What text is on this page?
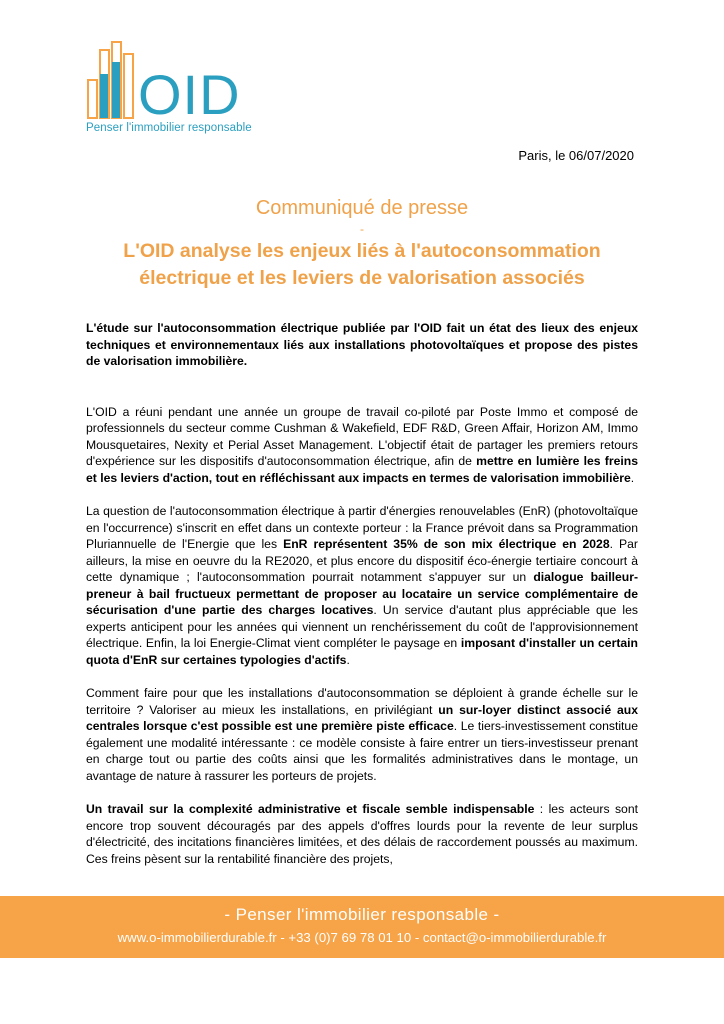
OID
Penser l'immobilier responsable
Paris, le 06/07/2020
Communiqué de presse
-
L'OID analyse les enjeux liés à l'autoconsommation
électrique et les leviers de valorisation associés

L'étude sur l'autoconsommation électrique publiée par l'OID fait un état des lieux des enjeux techniques et environnementaux liés aux installations photovoltaïques et propose des pistes de valorisation immobilière.

L'OID a réuni pendant une année un groupe de travail co-piloté par Poste Immo et composé de professionnels du secteur comme Cushman & Wakefield, EDF R&D, Green Affair, Horizon AM, Immo Mousquetaires, Nexity et Perial Asset Management. L'objectif était de partager les premiers retours d'expérience sur les dispositifs d'autoconsommation électrique, afin de mettre en lumière les freins et les leviers d'action, tout en réfléchissant aux impacts en termes de valorisation immobilière.

La question de l'autoconsommation électrique à partir d'énergies renouvelables (EnR) (photovoltaïque en l'occurrence) s'inscrit en effet dans un contexte porteur : la France prévoit dans sa Programmation Pluriannuelle de l'Energie que les EnR représentent 35% de son mix électrique en 2028. Par ailleurs, la mise en oeuvre du la RE2020, et plus encore du dispositif éco-énergie tertiaire concourt à cette dynamique ; l'autoconsommation pourrait notamment s'appuyer sur un dialogue bailleur-preneur à bail fructueux permettant de proposer au locataire un service complémentaire de sécurisation d'une partie des charges locatives. Un service d'autant plus appréciable que les experts anticipent pour les années qui viennent un renchérissement du coût de l'approvisionnement électrique. Enfin, la loi Energie-Climat vient compléter le paysage en imposant d'installer un certain quota d'EnR sur certaines typologies d'actifs.

Comment faire pour que les installations d'autoconsommation se déploient à grande échelle sur le territoire ? Valoriser au mieux les installations, en privilégiant un sur-loyer distinct associé aux centrales lorsque c'est possible est une première piste efficace. Le tiers-investissement constitue également une modalité intéressante : ce modèle consiste à faire entrer un tiers-investisseur prenant en charge tout ou partie des coûts ainsi que les formalités administratives dans le montage, un avantage de nature à rassurer les porteurs de projets.

Un travail sur la complexité administrative et fiscale semble indispensable : les acteurs sont encore trop souvent découragés par des appels d'offres lourds pour la revente de leur surplus d'électricité, des incitations financières limitées, et des délais de raccordement poussés au maximum. Ces freins pèsent sur la rentabilité financière des projets,

- Penser l'immobilier responsable -
www.o-immobilierdurable.fr - +33 (0)7 69 78 01 10 - contact@o-immobilierdurable.fr
